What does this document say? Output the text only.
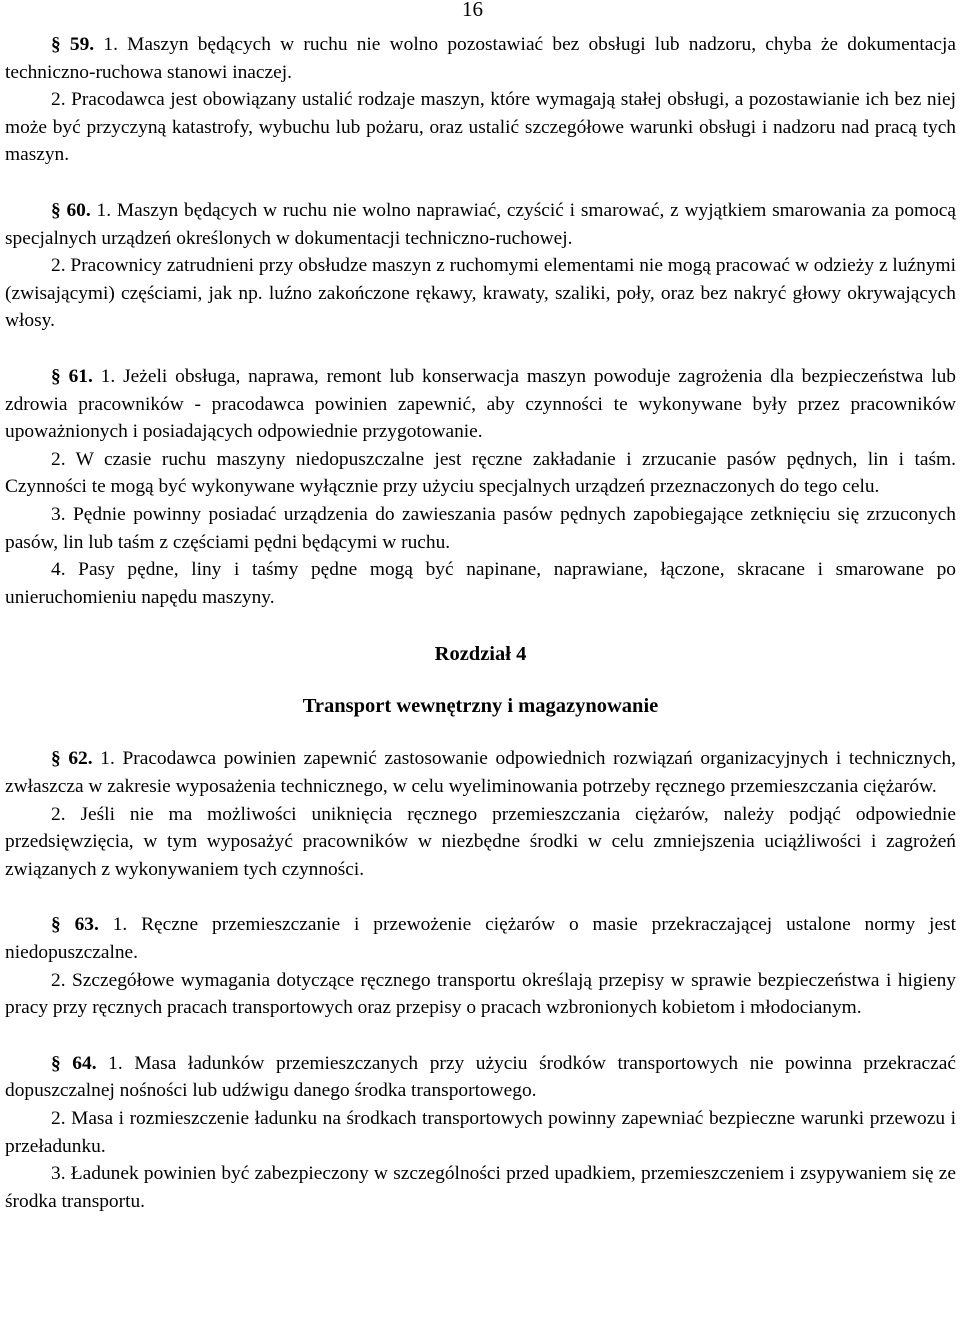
16

§ 59. 1. Maszyn będących w ruchu nie wolno pozostawiać bez obsługi lub nadzoru, chyba że dokumentacja techniczno-ruchowa stanowi inaczej.

2. Pracodawca jest obowiązany ustalić rodzaje maszyn, które wymagają stałej obsługi, a pozostawianie ich bez niej może być przyczyną katastrofy, wybuchu lub pożaru, oraz ustalić szczegółowe warunki obsługi i nadzoru nad pracą tych maszyn.

§ 60. 1. Maszyn będących w ruchu nie wolno naprawiać, czyścić i smarować, z wyjątkiem smarowania za pomocą specjalnych urządzeń określonych w dokumentacji techniczno-ruchowej.

2. Pracownicy zatrudnieni przy obsłudze maszyn z ruchomymi elementami nie mogą pracować w odzieży z luźnymi (zwisającymi) częściami, jak np. luźno zakończone rękawy, krawaty, szaliki, poły, oraz bez nakryć głowy okrywających włosy.

§ 61. 1. Jeżeli obsługa, naprawa, remont lub konserwacja maszyn powoduje zagrożenia dla bezpieczeństwa lub zdrowia pracowników - pracodawca powinien zapewnić, aby czynności te wykonywane były przez pracowników upoważnionych i posiadających odpowiednie przygotowanie.

2. W czasie ruchu maszyny niedopuszczalne jest ręczne zakładanie i zrzucanie pasów pędnych, lin i taśm. Czynności te mogą być wykonywane wyłącznie przy użyciu specjalnych urządzeń przeznaczonych do tego celu.

3. Pędnie powinny posiadać urządzenia do zawieszania pasów pędnych zapobiegające zetknięciu się zrzuconych pasów, lin lub taśm z częściami pędni będącymi w ruchu.

4. Pasy pędne, liny i taśmy pędne mogą być napinane, naprawiane, łączone, skracane i smarowane po unieruchomieniu napędu maszyny.

Rozdział 4

Transport wewnętrzny i magazynowanie

§ 62. 1. Pracodawca powinien zapewnić zastosowanie odpowiednich rozwiązań organizacyjnych i technicznych, zwłaszcza w zakresie wyposażenia technicznego, w celu wyeliminowania potrzeby ręcznego przemieszczania ciężarów.

2. Jeśli nie ma możliwości uniknięcia ręcznego przemieszczania ciężarów, należy podjąć odpowiednie przedsięwzięcia, w tym wyposażyć pracowników w niezbędne środki w celu zmniejszenia uciążliwości i zagrożeń związanych z wykonywaniem tych czynności.

§ 63. 1. Ręczne przemieszczanie i przewożenie ciężarów o masie przekraczającej ustalone normy jest niedopuszczalne.

2. Szczegółowe wymagania dotyczące ręcznego transportu określają przepisy w sprawie bezpieczeństwa i higieny pracy przy ręcznych pracach transportowych oraz przepisy o pracach wzbronionych kobietom i młodocianym.

§ 64. 1. Masa ładunków przemieszczanych przy użyciu środków transportowych nie powinna przekraczać dopuszczalnej nośności lub udźwigu danego środka transportowego.

2. Masa i rozmieszczenie ładunku na środkach transportowych powinny zapewniać bezpieczne warunki przewozu i przeładunku.

3. Ładunek powinien być zabezpieczony w szczególności przed upadkiem, przemieszczeniem i zsypywaniem się ze środka transportu.
